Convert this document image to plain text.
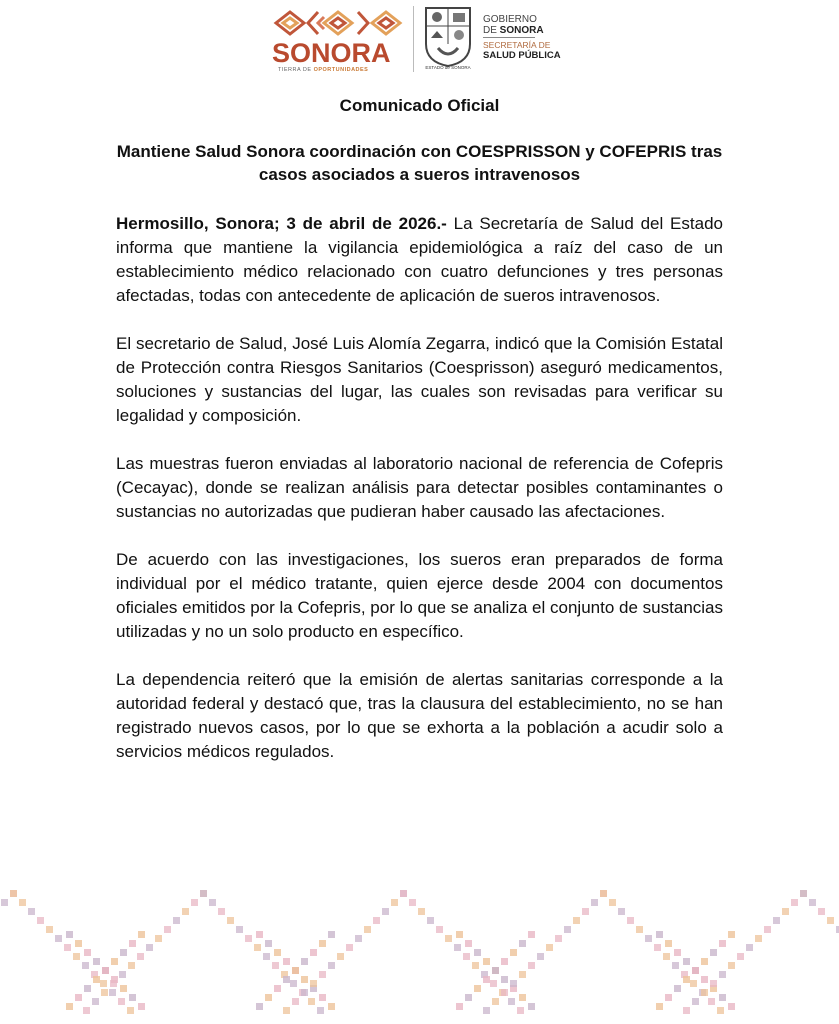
SONORA
TIERRA DE OPORTUNIDADES	ESTADO de SONORA
GOBIERNO
DE SONORA
SECRETARÍA DE
SALUD PÚBLICA

Comunicado Oficial

Mantiene Salud Sonora coordinación con COESPRISSON y COFEPRIS tras
casos asociados a sueros intravenosos

Hermosillo, Sonora; 3 de abril de 2026.- La Secretaría de Salud del Estado informa que mantiene la vigilancia epidemiológica a raíz del caso de un establecimiento médico relacionado con cuatro defunciones y tres personas afectadas, todas con antecedente de aplicación de sueros intravenosos.

El secretario de Salud, José Luis Alomía Zegarra, indicó que la Comisión Estatal de Protección contra Riesgos Sanitarios (Coesprisson) aseguró medicamentos, soluciones y sustancias del lugar, las cuales son revisadas para verificar su legalidad y composición.

Las muestras fueron enviadas al laboratorio nacional de referencia de Cofepris (Cecayac), donde se realizan análisis para detectar posibles contaminantes o sustancias no autorizadas que pudieran haber causado las afectaciones.

De acuerdo con las investigaciones, los sueros eran preparados de forma individual por el médico tratante, quien ejerce desde 2004 con documentos oficiales emitidos por la Cofepris, por lo que se analiza el conjunto de sustancias utilizadas y no un solo producto en específico.

La dependencia reiteró que la emisión de alertas sanitarias corresponde a la autoridad federal y destacó que, tras la clausura del establecimiento, no se han registrado nuevos casos, por lo que se exhorta a la población a acudir solo a servicios médicos regulados.
